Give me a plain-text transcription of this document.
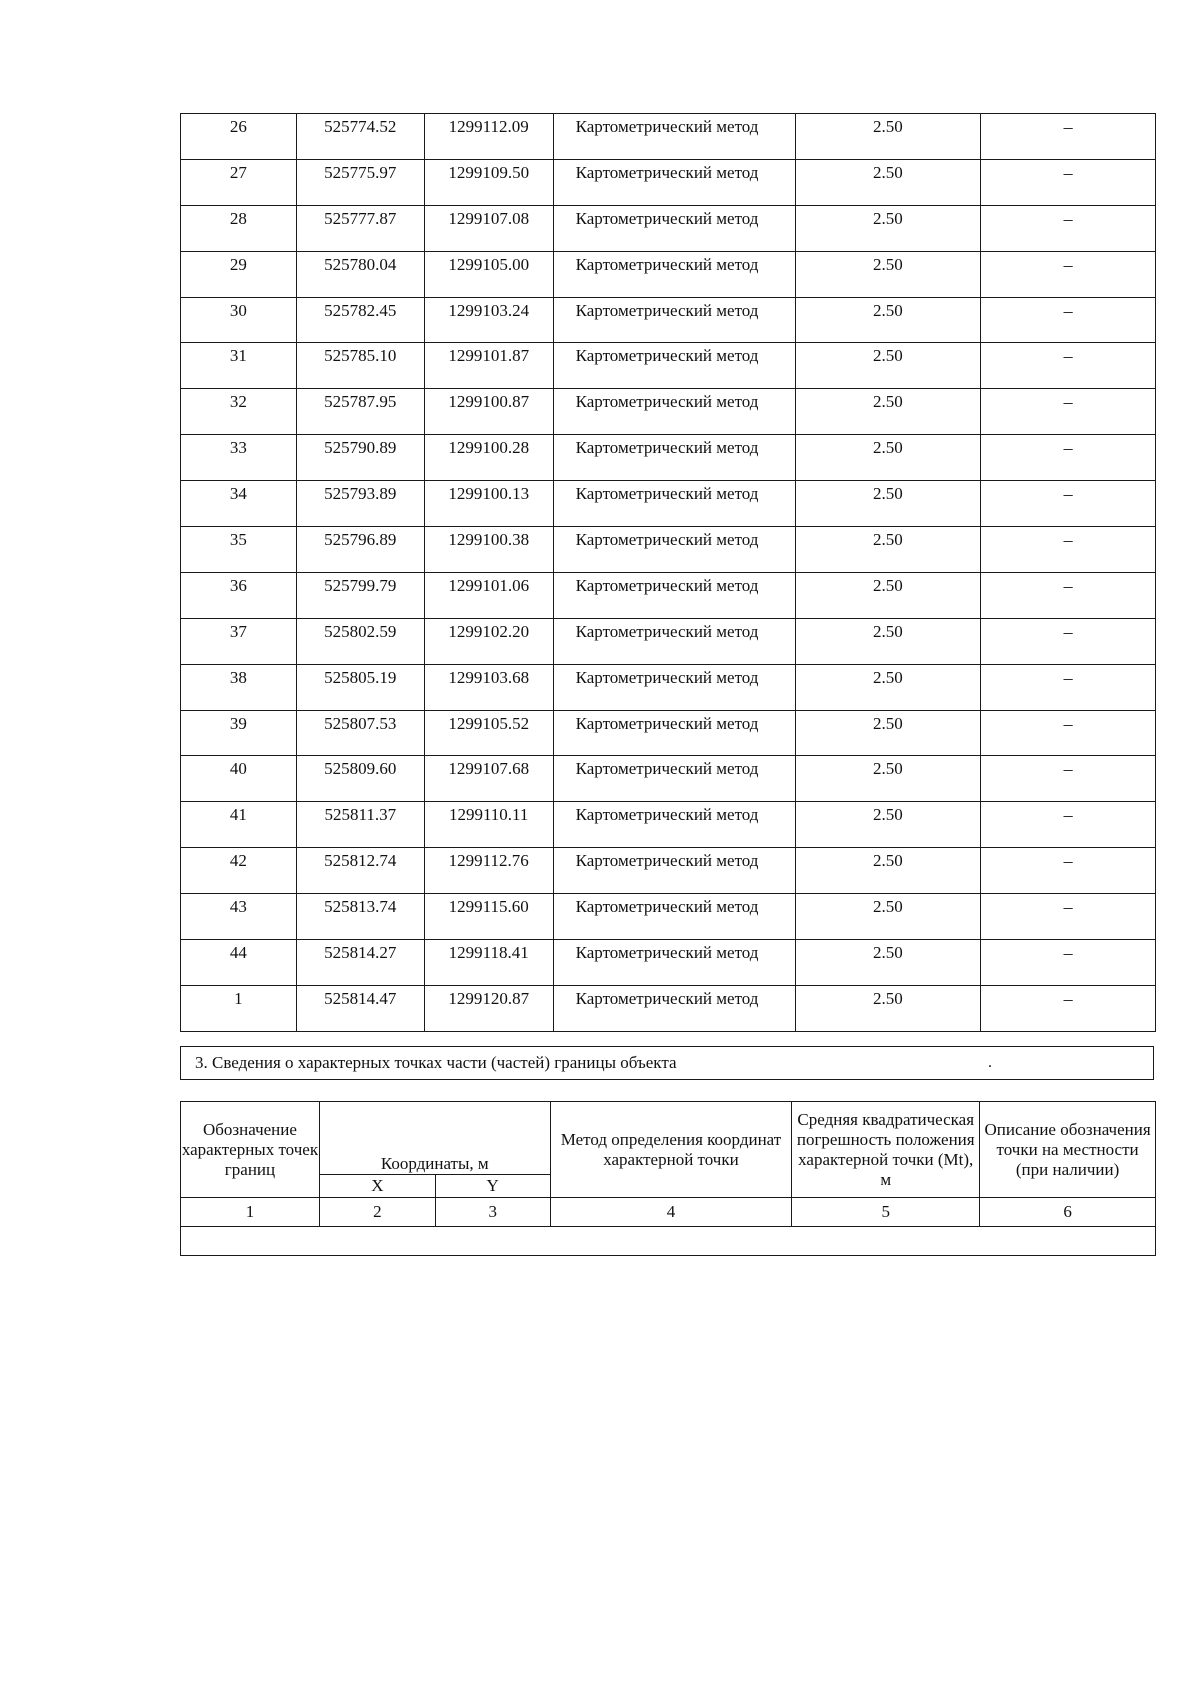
26	525774.52	1299112.09	Картометрический метод	2.50	–
27	525775.97	1299109.50	Картометрический метод	2.50	–
28	525777.87	1299107.08	Картометрический метод	2.50	–
29	525780.04	1299105.00	Картометрический метод	2.50	–
30	525782.45	1299103.24	Картометрический метод	2.50	–
31	525785.10	1299101.87	Картометрический метод	2.50	–
32	525787.95	1299100.87	Картометрический метод	2.50	–
33	525790.89	1299100.28	Картометрический метод	2.50	–
34	525793.89	1299100.13	Картометрический метод	2.50	–
35	525796.89	1299100.38	Картометрический метод	2.50	–
36	525799.79	1299101.06	Картометрический метод	2.50	–
37	525802.59	1299102.20	Картометрический метод	2.50	–
38	525805.19	1299103.68	Картометрический метод	2.50	–
39	525807.53	1299105.52	Картометрический метод	2.50	–
40	525809.60	1299107.68	Картометрический метод	2.50	–
41	525811.37	1299110.11	Картометрический метод	2.50	–
42	525812.74	1299112.76	Картометрический метод	2.50	–
43	525813.74	1299115.60	Картометрический метод	2.50	–
44	525814.27	1299118.41	Картометрический метод	2.50	–
1	525814.47	1299120.87	Картометрический метод	2.50	–
3. Сведения о характерных точках части (частей) границы объекта	.
Обозначение характерных точек границ	Координаты, м		Метод определения координат характерной точки	Средняя квадратическая погрешность положения характерной точки (Mt), м	Описание обозначения точки на местности (при наличии)
	X	Y			
1	2	3	4	5	6
